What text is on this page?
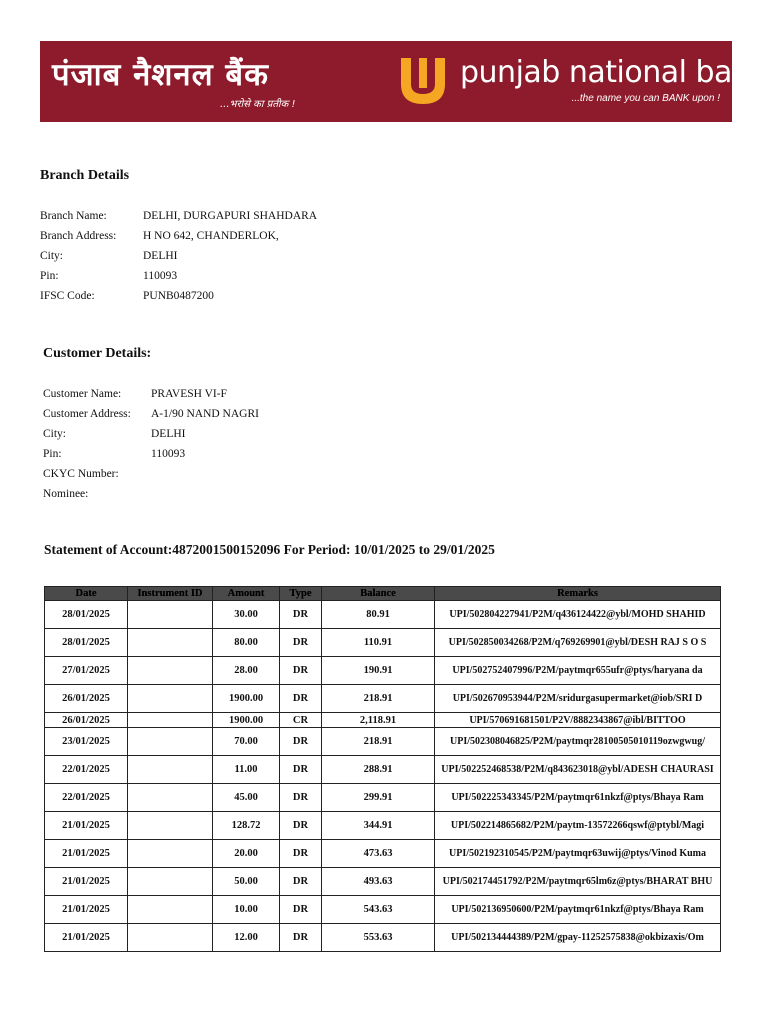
पंजाब नैशनल बैंक
...भरोसे का प्रतीक !
punjab national bank
...the name you can BANK upon !
Branch Details
Branch Name:	DELHI, DURGAPURI SHAHDARA
Branch Address:	H NO 642, CHANDERLOK,
City:	DELHI
Pin:	110093
IFSC Code:	PUNB0487200
Customer Details:
Customer Name:	PRAVESH VI-F
Customer Address:	A-1/90 NAND NAGRI
City:	DELHI
Pin:	110093
CKYC Number:
Nominee:
Statement of Account:4872001500152096 For Period: 10/01/2025 to 29/01/2025
Date	Instrument ID	Amount	Type	Balance	Remarks
28/01/2025		30.00	DR	80.91	UPI/502804227941/P2M/q436124422@ybl/MOHD SHAHID
28/01/2025		80.00	DR	110.91	UPI/502850034268/P2M/q769269901@ybl/DESH RAJ S O S
27/01/2025		28.00	DR	190.91	UPI/502752407996/P2M/paytmqr655ufr@ptys/haryana da
26/01/2025		1900.00	DR	218.91	UPI/502670953944/P2M/sridurgasupermarket@iob/SRI D
26/01/2025		1900.00	CR	2,118.91	UPI/570691681501/P2V/8882343867@ibl/BITTOO
23/01/2025		70.00	DR	218.91	UPI/502308046825/P2M/paytmqr28100505010119ozwgwug/
22/01/2025		11.00	DR	288.91	UPI/502252468538/P2M/q843623018@ybl/ADESH CHAURASI
22/01/2025		45.00	DR	299.91	UPI/502225343345/P2M/paytmqr61nkzf@ptys/Bhaya Ram
21/01/2025		128.72	DR	344.91	UPI/502214865682/P2M/paytm-13572266qswf@ptybl/Magi
21/01/2025		20.00	DR	473.63	UPI/502192310545/P2M/paytmqr63uwij@ptys/Vinod Kuma
21/01/2025		50.00	DR	493.63	UPI/502174451792/P2M/paytmqr65lm6z@ptys/BHARAT BHU
21/01/2025		10.00	DR	543.63	UPI/502136950600/P2M/paytmqr61nkzf@ptys/Bhaya Ram
21/01/2025		12.00	DR	553.63	UPI/502134444389/P2M/gpay-11252575838@okbizaxis/Om
